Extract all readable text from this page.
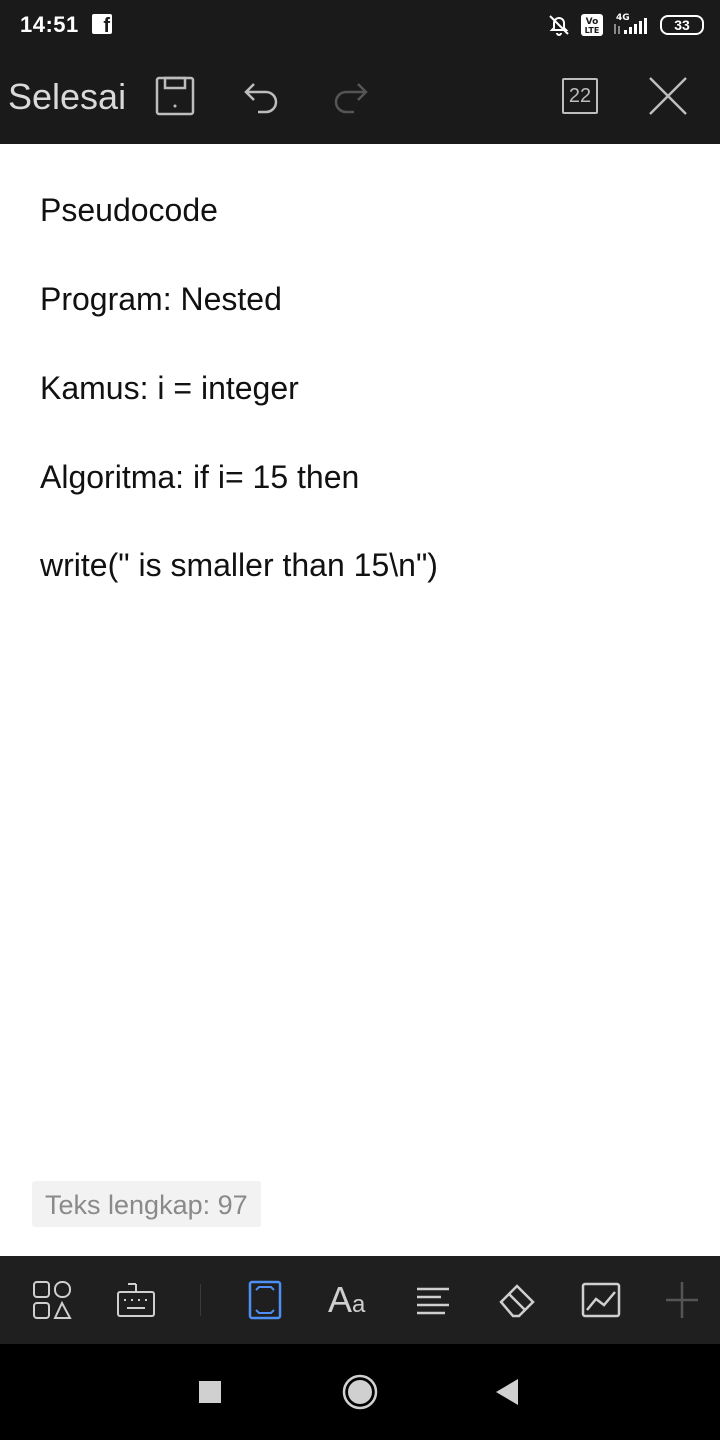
14:51	f	Vo
LTE
4G	33
Selesai	22
Pseudocode
Program: Nested
Kamus: i = integer
Algoritma: if i= 15 then
write(" is smaller than 15\n")
Teks lengkap: 97
Aa
